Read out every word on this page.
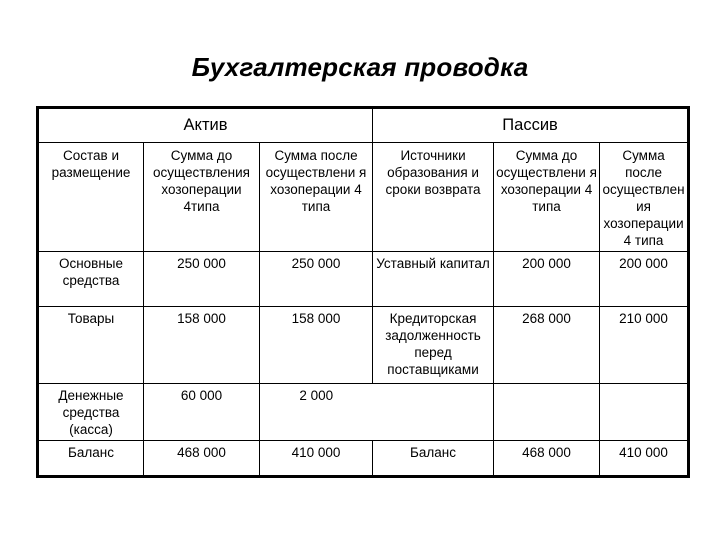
Бухгалтерская проводка
Актив			Пассив		
Состав и размещение	Сумма до осуществления хозоперации 4типа	Сумма после осуществлени я хозоперации 4 типа	Источники образования и сроки возврата	Сумма до осуществлени я хозоперации 4 типа	Сумма после осуществлен ия хозоперации 4 типа
Основные средства	250 000	250 000	Уставный капитал	200 000	200 000
Товары	158 000	158 000	Кредиторская задолженность перед поставщиками	268 000	210 000
Денежные средства (касса)	60 000	2 000			
Баланс	468 000	410 000	Баланс	468 000	410 000
